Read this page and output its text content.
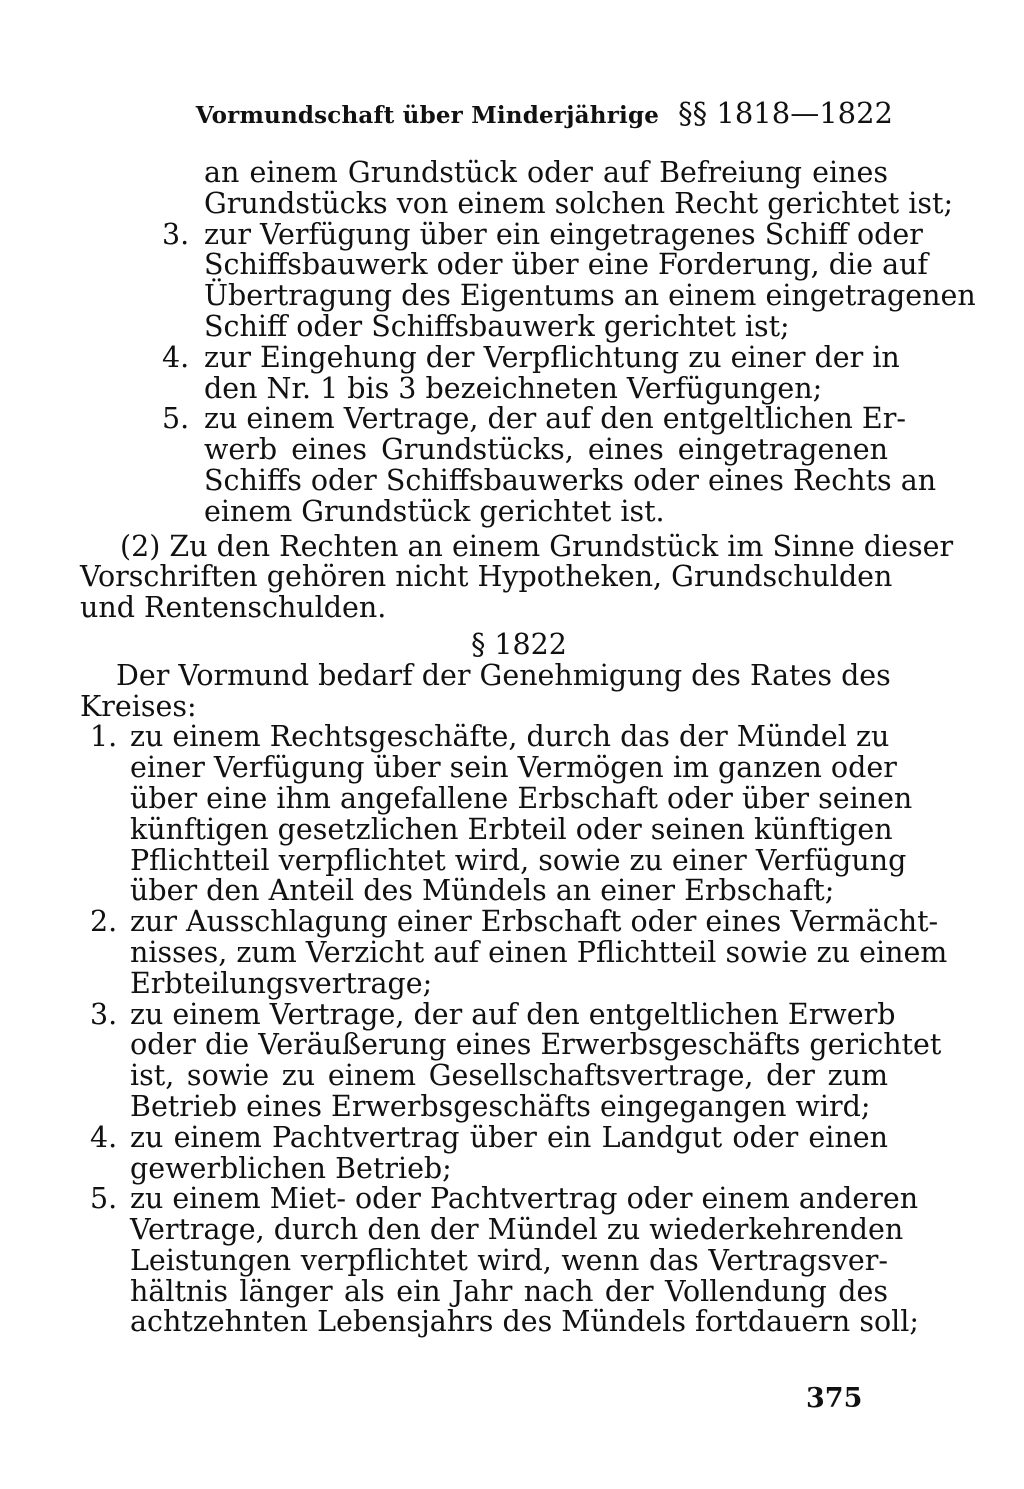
Vormundschaft über Minderjährige §§ 1818—1822
an einem Grundstück oder auf Befreiung eines
Grundstücks von einem solchen Recht gerichtet ist;
3. zur Verfügung über ein eingetragenes Schiff oder
Schiffsbauwerk oder über eine Forderung, die auf
Übertragung des Eigentums an einem eingetragenen
Schiff oder Schiffsbauwerk gerichtet ist;
4. zur Eingehung der Verpflichtung zu einer der in
den Nr. 1 bis 3 bezeichneten Verfügungen;
5. zu einem Vertrage, der auf den entgeltlichen Er-
werb eines Grundstücks, eines eingetragenen
Schiffs oder Schiffsbauwerks oder eines Rechts an
einem Grundstück gerichtet ist.
(2) Zu den Rechten an einem Grundstück im Sinne dieser
Vorschriften gehören nicht Hypotheken, Grundschulden
und Rentenschulden.
§ 1822
Der Vormund bedarf der Genehmigung des Rates des
Kreises:
1. zu einem Rechtsgeschäfte, durch das der Mündel zu
einer Verfügung über sein Vermögen im ganzen oder
über eine ihm angefallene Erbschaft oder über seinen
künftigen gesetzlichen Erbteil oder seinen künftigen
Pflichtteil verpflichtet wird, sowie zu einer Verfügung
über den Anteil des Mündels an einer Erbschaft;
2. zur Ausschlagung einer Erbschaft oder eines Vermächt-
nisses, zum Verzicht auf einen Pflichtteil sowie zu einem
Erbteilungsvertrage;
3. zu einem Vertrage, der auf den entgeltlichen Erwerb
oder die Veräußerung eines Erwerbsgeschäfts gerichtet
ist, sowie zu einem Gesellschaftsvertrage, der zum
Betrieb eines Erwerbsgeschäfts eingegangen wird;
4. zu einem Pachtvertrag über ein Landgut oder einen
gewerblichen Betrieb;
5. zu einem Miet- oder Pachtvertrag oder einem anderen
Vertrage, durch den der Mündel zu wiederkehrenden
Leistungen verpflichtet wird, wenn das Vertragsver-
hältnis länger als ein Jahr nach der Vollendung des
achtzehnten Lebensjahrs des Mündels fortdauern soll;
375
